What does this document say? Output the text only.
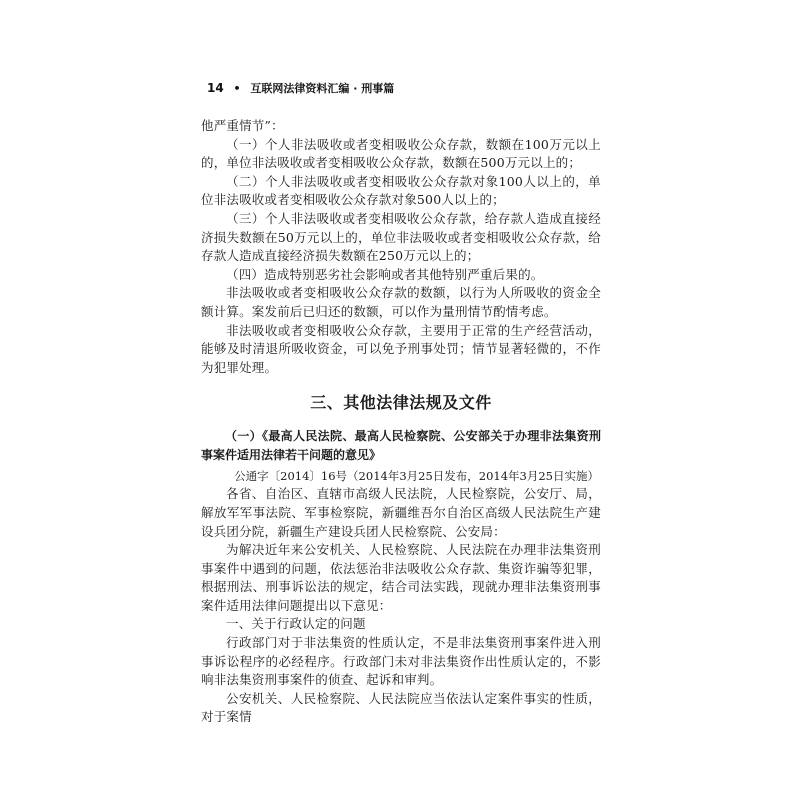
14 • 互联网法律资料汇编 · 刑事篇

他严重情节”：

（一）个人非法吸收或者变相吸收公众存款，数额在100万元以上的，单位非法吸收或者变相吸收公众存款，数额在500万元以上的；

（二）个人非法吸收或者变相吸收公众存款对象100人以上的，单位非法吸收或者变相吸收公众存款对象500人以上的；

（三）个人非法吸收或者变相吸收公众存款，给存款人造成直接经济损失数额在50万元以上的，单位非法吸收或者变相吸收公众存款，给存款人造成直接经济损失数额在250万元以上的；

（四）造成特别恶劣社会影响或者其他特别严重后果的。

非法吸收或者变相吸收公众存款的数额，以行为人所吸收的资金全额计算。案发前后已归还的数额，可以作为量刑情节酌情考虑。

非法吸收或者变相吸收公众存款，主要用于正常的生产经营活动，能够及时清退所吸收资金，可以免予刑事处罚；情节显著轻微的，不作为犯罪处理。

三、其他法律法规及文件

（一）《最高人民法院、最高人民检察院、公安部关于办理非法集资刑事案件适用法律若干问题的意见》

公通字〔2014〕16号（2014年3月25日发布，2014年3月25日实施）

各省、自治区、直辖市高级人民法院，人民检察院，公安厅、局，解放军军事法院、军事检察院，新疆维吾尔自治区高级人民法院生产建设兵团分院，新疆生产建设兵团人民检察院、公安局：

为解决近年来公安机关、人民检察院、人民法院在办理非法集资刑事案件中遇到的问题，依法惩治非法吸收公众存款、集资诈骗等犯罪，根据刑法、刑事诉讼法的规定，结合司法实践，现就办理非法集资刑事案件适用法律问题提出以下意见：

一、关于行政认定的问题

行政部门对于非法集资的性质认定，不是非法集资刑事案件进入刑事诉讼程序的必经程序。行政部门未对非法集资作出性质认定的，不影响非法集资刑事案件的侦查、起诉和审判。

公安机关、人民检察院、人民法院应当依法认定案件事实的性质，对于案情
